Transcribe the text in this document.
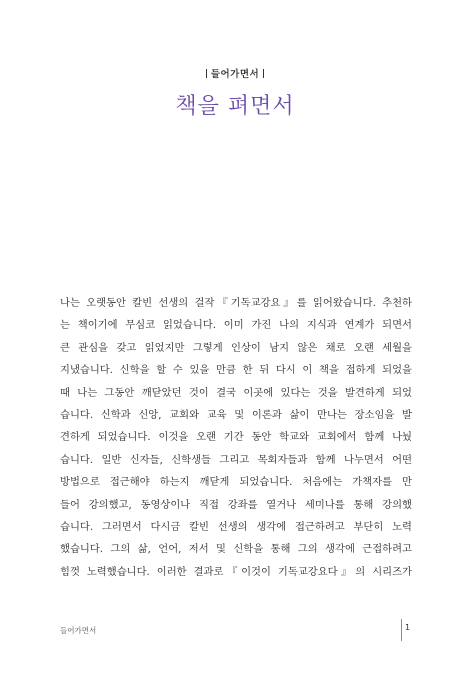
들어가면서
책을 펴면서
나는 오랫동안 칼빈 선생의 걸작『기독교강요』를 읽어왔습니다. 추천하
는 책이기에 무심코 읽었습니다. 이미 가진 나의 지식과 연계가 되면서
큰 관심을 갖고 읽었지만 그렇게 인상이 남지 않은 채로 오랜 세월을
지냈습니다. 신학을 할 수 있을 만큼 한 뒤 다시 이 책을 접하게 되었을
때 나는 그동안 깨닫았던 것이 결국 이곳에 있다는 것을 발견하게 되었
습니다. 신학과 신앙, 교회와 교육 및 이론과 삶이 만나는 장소임을 발
견하게 되었습니다. 이것을 오랜 기간 동안 학교와 교회에서 함께 나눴
습니다. 일반 신자들, 신학생들 그리고 목회자들과 함께 나누면서 어떤
방법으로 접근해야 하는지 깨닫게 되었습니다. 처음에는 가책자를 만
들어 강의했고, 동영상이나 직접 강좌를 열거나 세미나를 통해 강의했
습니다. 그러면서 다시금 칼빈 선생의 생각에 접근하려고 부단히 노력
했습니다. 그의 삶, 언어, 저서 및 신학을 통해 그의 생각에 근접하려고
힘껏 노력했습니다. 이러한 결과로『이것이 기독교강요다』의 시리즈가
들어가면서	1
